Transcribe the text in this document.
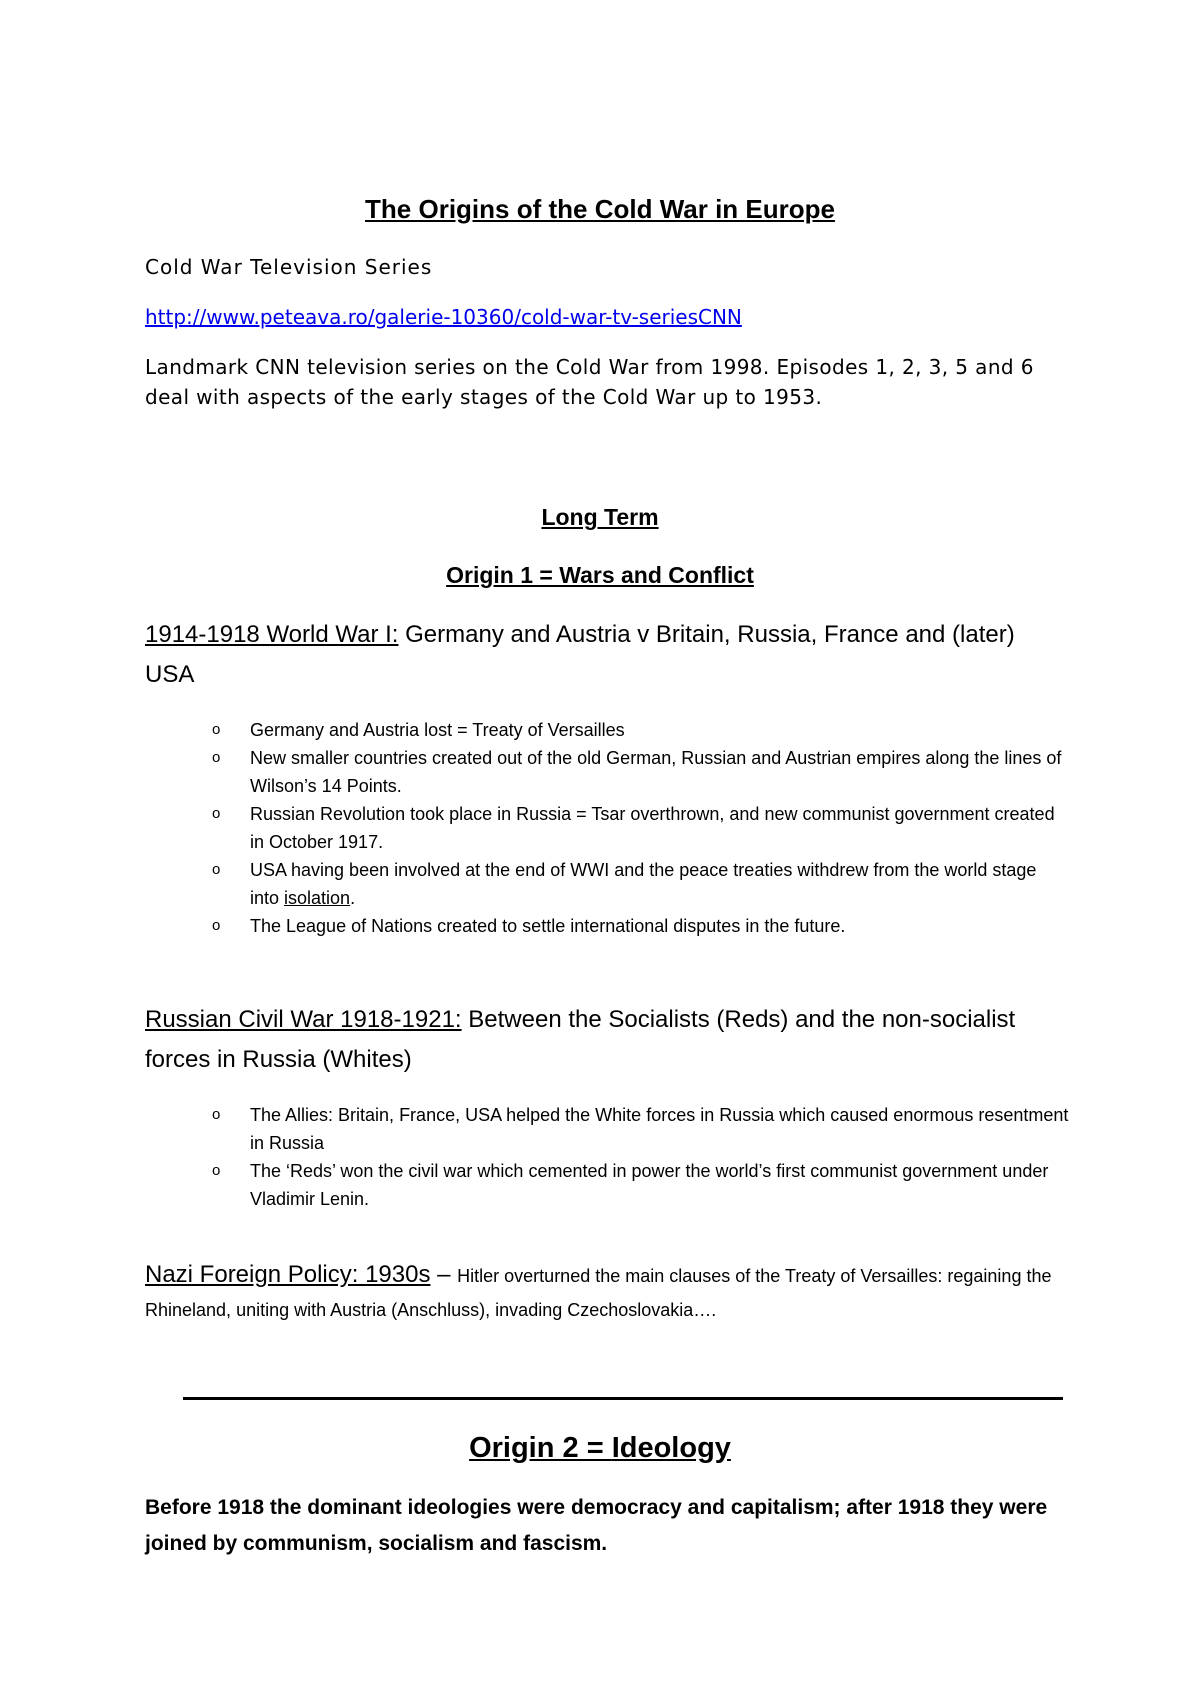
The Origins of the Cold War in Europe
Cold War Television Series
http://www.peteava.ro/galerie-10360/cold-war-tv-seriesCNN

Landmark CNN television series on the Cold War from 1998. Episodes 1, 2, 3, 5 and 6 deal with aspects of the early stages of the Cold War up to 1953.

Long Term
Origin 1 = Wars and Conflict
1914-1918 World War I: Germany and Austria v Britain, Russia, France and (later) USA
o Germany and Austria lost = Treaty of Versailles
o New smaller countries created out of the old German, Russian and Austrian empires along the lines of Wilson’s 14 Points.
o Russian Revolution took place in Russia = Tsar overthrown, and new communist government created in October 1917.
o USA having been involved at the end of WWI and the peace treaties withdrew from the world stage into isolation.
o The League of Nations created to settle international disputes in the future.
Russian Civil War 1918-1921: Between the Socialists (Reds) and the non-socialist forces in Russia (Whites)
o The Allies: Britain, France, USA helped the White forces in Russia which caused enormous resentment in Russia
o The ‘Reds’ won the civil war which cemented in power the world’s first communist government under Vladimir Lenin.

Nazi Foreign Policy: 1930s – Hitler overturned the main clauses of the Treaty of Versailles: regaining the Rhineland, uniting with Austria (Anschluss), invading Czechoslovakia….

Origin 2 = Ideology

Before 1918 the dominant ideologies were democracy and capitalism; after 1918 they were joined by communism, socialism and fascism.
